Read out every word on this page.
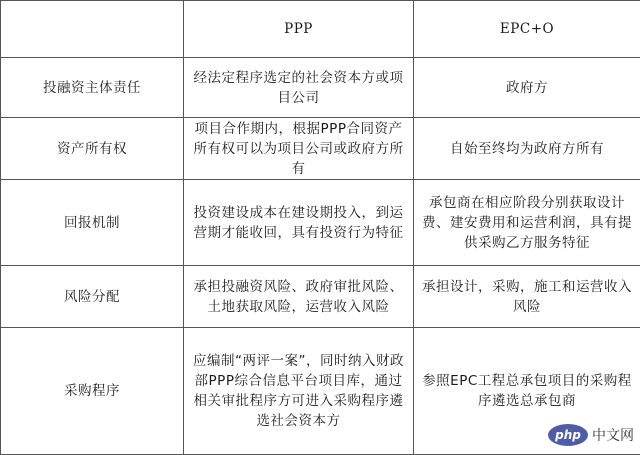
	PPP	EPC+O
投融资主体责任	经法定程序选定的社会资本方或项目公司	政府方
资产所有权	项目合作期内，根据PPP合同资产所有权可以为项目公司或政府方所有	自始至终均为政府方所有
回报机制	投资建设成本在建设期投入，到运营期才能收回，具有投资行为特征	承包商在相应阶段分别获取设计费、建安费用和运营利润，具有提供采购乙方服务特征
风险分配	承担投融资风险、政府审批风险、土地获取风险，运营收入风险	承担设计，采购，施工和运营收入风险
采购程序	应编制“两评一案”，同时纳入财政部PPP综合信息平台项目库，通过相关审批程序方可进入采购程序遴选社会资本方	参照EPC工程总承包项目的采购程序遴选总承包商
php 中文网
